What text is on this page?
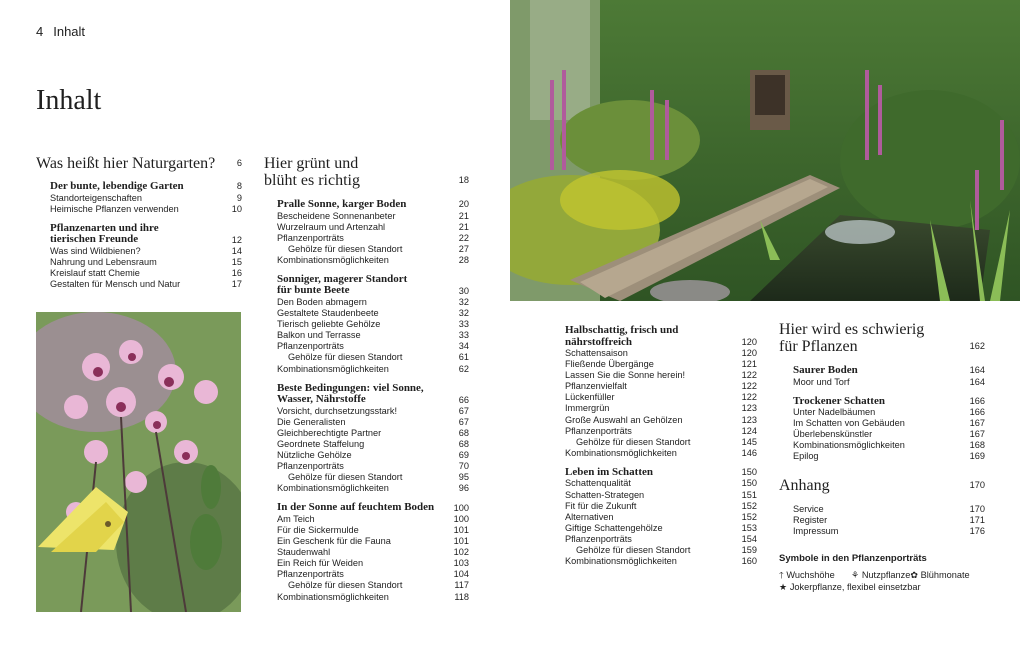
4 Inhalt
Inhalt
Was heißt hier Naturgarten?	6
Der bunte, lebendige Garten	8
Standorteigenschaften	9
Heimische Pflanzen verwenden	10
Pflanzenarten und ihre
tierischen Freunde	12
Was sind Wildbienen?	14
Nahrung und Lebensraum	15
Kreislauf statt Chemie	16
Gestalten für Mensch und Natur	17
Hier grünt und
blüht es richtig	18
Pralle Sonne, karger Boden	20
Bescheidene Sonnenanbeter	21
Wurzelraum und Artenzahl	21
Pflanzenporträts	22
Gehölze für diesen Standort	27
Kombinationsmöglichkeiten	28
Sonniger, magerer Standort
für bunte Beete	30
Den Boden abmagern	32
Gestaltete Staudenbeete	32
Tierisch geliebte Gehölze	33
Balkon und Terrasse	33
Pflanzenporträts	34
Gehölze für diesen Standort	61
Kombinationsmöglichkeiten	62
Beste Bedingungen: viel Sonne,
Wasser, Nährstoffe	66
Vorsicht, durchsetzungsstark!	67
Die Generalisten	67
Gleichberechtigte Partner	68
Geordnete Staffelung	68
Nützliche Gehölze	69
Pflanzenporträts	70
Gehölze für diesen Standort	95
Kombinationsmöglichkeiten	96
In der Sonne auf feuchtem Boden	100
Am Teich	100
Für die Sickermulde	101
Ein Geschenk für die Fauna	101
Staudenwahl	102
Ein Reich für Weiden	103
Pflanzenporträts	104
Gehölze für diesen Standort	117
Kombinationsmöglichkeiten	118
Halbschattig, frisch und
nährstoffreich	120
Schattensaison	120
Fließende Übergänge	121
Lassen Sie die Sonne herein!	122
Pflanzenvielfalt	122
Lückenfüller	122
Immergrün	123
Große Auswahl an Gehölzen	123
Pflanzenporträts	124
Gehölze für diesen Standort	145
Kombinationsmöglichkeiten	146
Leben im Schatten	150
Schattenqualität	150
Schatten-Strategen	151
Fit für die Zukunft	152
Alternativen	152
Giftige Schattengehölze	153
Pflanzenporträts	154
Gehölze für diesen Standort	159
Kombinationsmöglichkeiten	160
Hier wird es schwierig
für Pflanzen	162
Saurer Boden	164
Moor und Torf	164
Trockener Schatten	166
Unter Nadelbäumen	166
Im Schatten von Gebäuden	167
Überlebenskünstler	167
Kombinationsmöglichkeiten	168
Epilog	169
Anhang	170
Service	170
Register	171
Impressum	176
Symbole in den Pflanzenporträts
🡑 Wuchshöhe	⚘ Nutzpflanze ✿ Blühmonate
★ Jokerpflanze, flexibel einsetzbar
